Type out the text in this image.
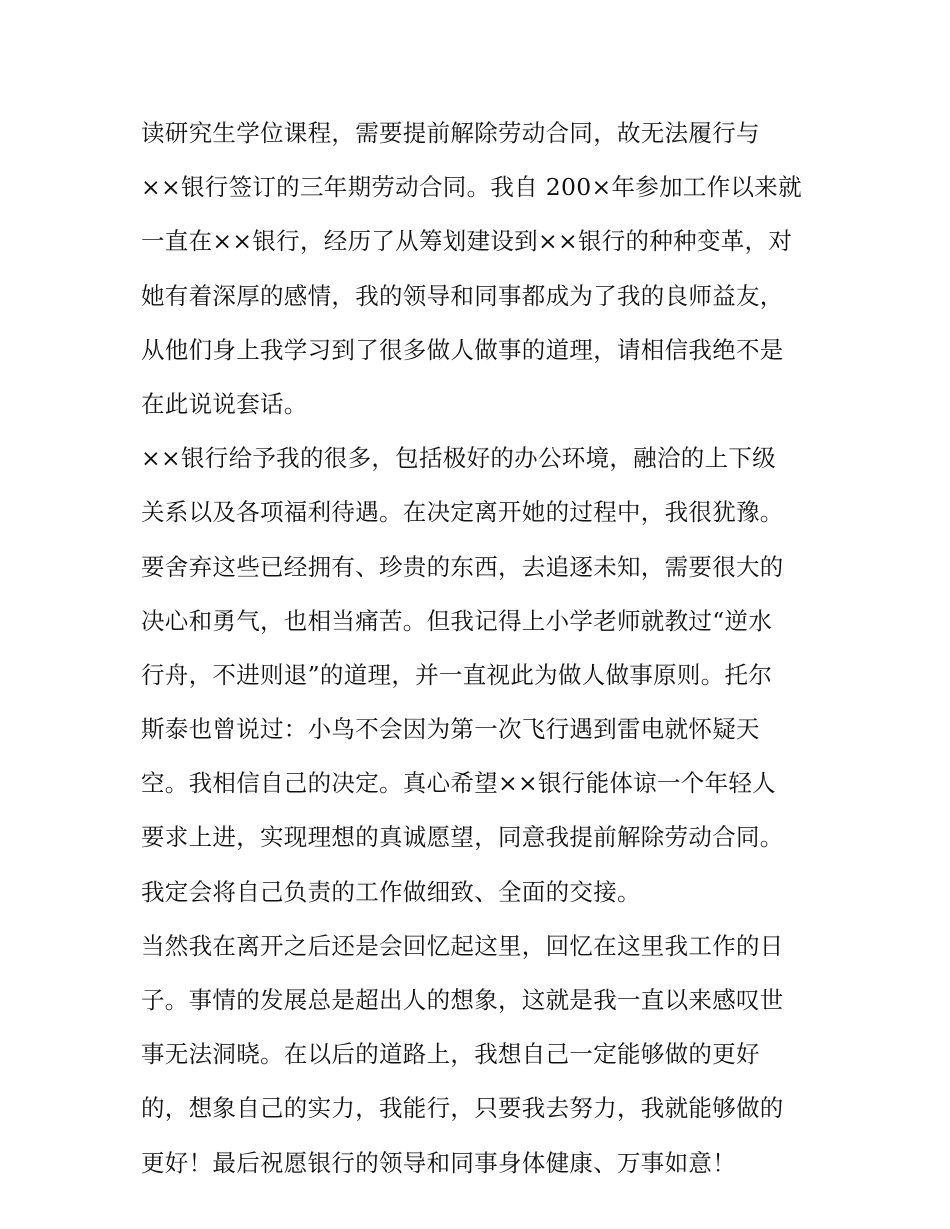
读研究生学位课程，需要提前解除劳动合同，故无法履行与
××银行签订的三年期劳动合同。我自 200×年参加工作以来就
一直在××银行，经历了从筹划建设到××银行的种种变革，对
她有着深厚的感情，我的领导和同事都成为了我的良师益友，
从他们身上我学习到了很多做人做事的道理，请相信我绝不是
在此说说套话。
××银行给予我的很多，包括极好的办公环境，融洽的上下级
关系以及各项福利待遇。在决定离开她的过程中，我很犹豫。
要舍弃这些已经拥有、珍贵的东西，去追逐未知，需要很大的
决心和勇气，也相当痛苦。但我记得上小学老师就教过“逆水
行舟，不进则退”的道理，并一直视此为做人做事原则。托尔
斯泰也曾说过：小鸟不会因为第一次飞行遇到雷电就怀疑天
空。我相信自己的决定。真心希望××银行能体谅一个年轻人
要求上进，实现理想的真诚愿望，同意我提前解除劳动合同。
我定会将自己负责的工作做细致、全面的交接。
当然我在离开之后还是会回忆起这里，回忆在这里我工作的日
子。事情的发展总是超出人的想象，这就是我一直以来感叹世
事无法洞晓。在以后的道路上，我想自己一定能够做的更好
的，想象自己的实力，我能行，只要我去努力，我就能够做的
更好！最后祝愿银行的领导和同事身体健康、万事如意！
